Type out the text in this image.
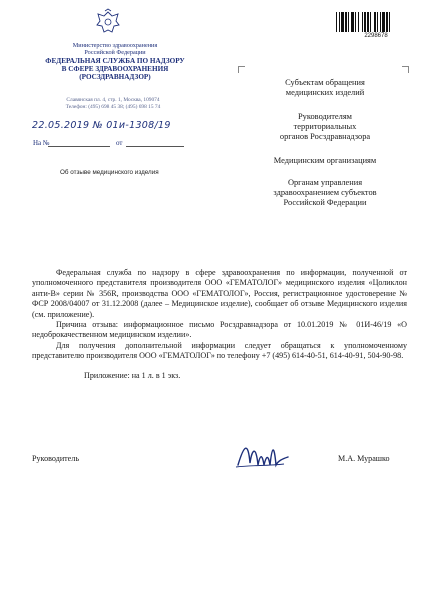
Министерство здравоохранения
Российской Федерации
ФЕДЕРАЛЬНАЯ СЛУЖБА ПО НАДЗОРУ
В СФЕРЕ ЗДРАВООХРАНЕНИЯ
(РОСЗДРАВНАДЗОР)
Славянская пл. 4, стр. 1, Москва, 109074
Телефон: (495) 698 45 38; (495) 698 15 74
22.05.2019 № 01и-1308/19
На №	от
Об отзыве медицинского изделия
2298678
Субъектам обращения
медицинских изделий
Руководителям
территориальных
органов Росздравнадзора
Медицинским организациям
Органам управления
здравоохранением субъектов
Российской Федерации

Федеральная служба по надзору в сфере здравоохранения по информации, полученной от уполномоченного представителя производителя ООО «ГЕМАТОЛОГ» медицинского изделия «Цоликлон анти-В» серии № 356R, производства ООО «ГЕМАТОЛОГ», Россия, регистрационное удостоверение № ФСР 2008/04007 от 31.12.2008 (далее – Медицинское изделие), сообщает об отзыве Медицинского изделия (см. приложение).

Причина отзыва: информационное письмо Росздравнадзора от 10.01.2019 № 01И-46/19 «О недоброкачественном медицинском изделии».

Для получения дополнительной информации следует обращаться к уполномоченному представителю производителя ООО «ГЕМАТОЛОГ» по телефону +7 (495) 614-40-51, 614-40-91, 504-90-98.

Приложение: на 1 л. в 1 экз.

Руководитель	М.А. Мурашко
